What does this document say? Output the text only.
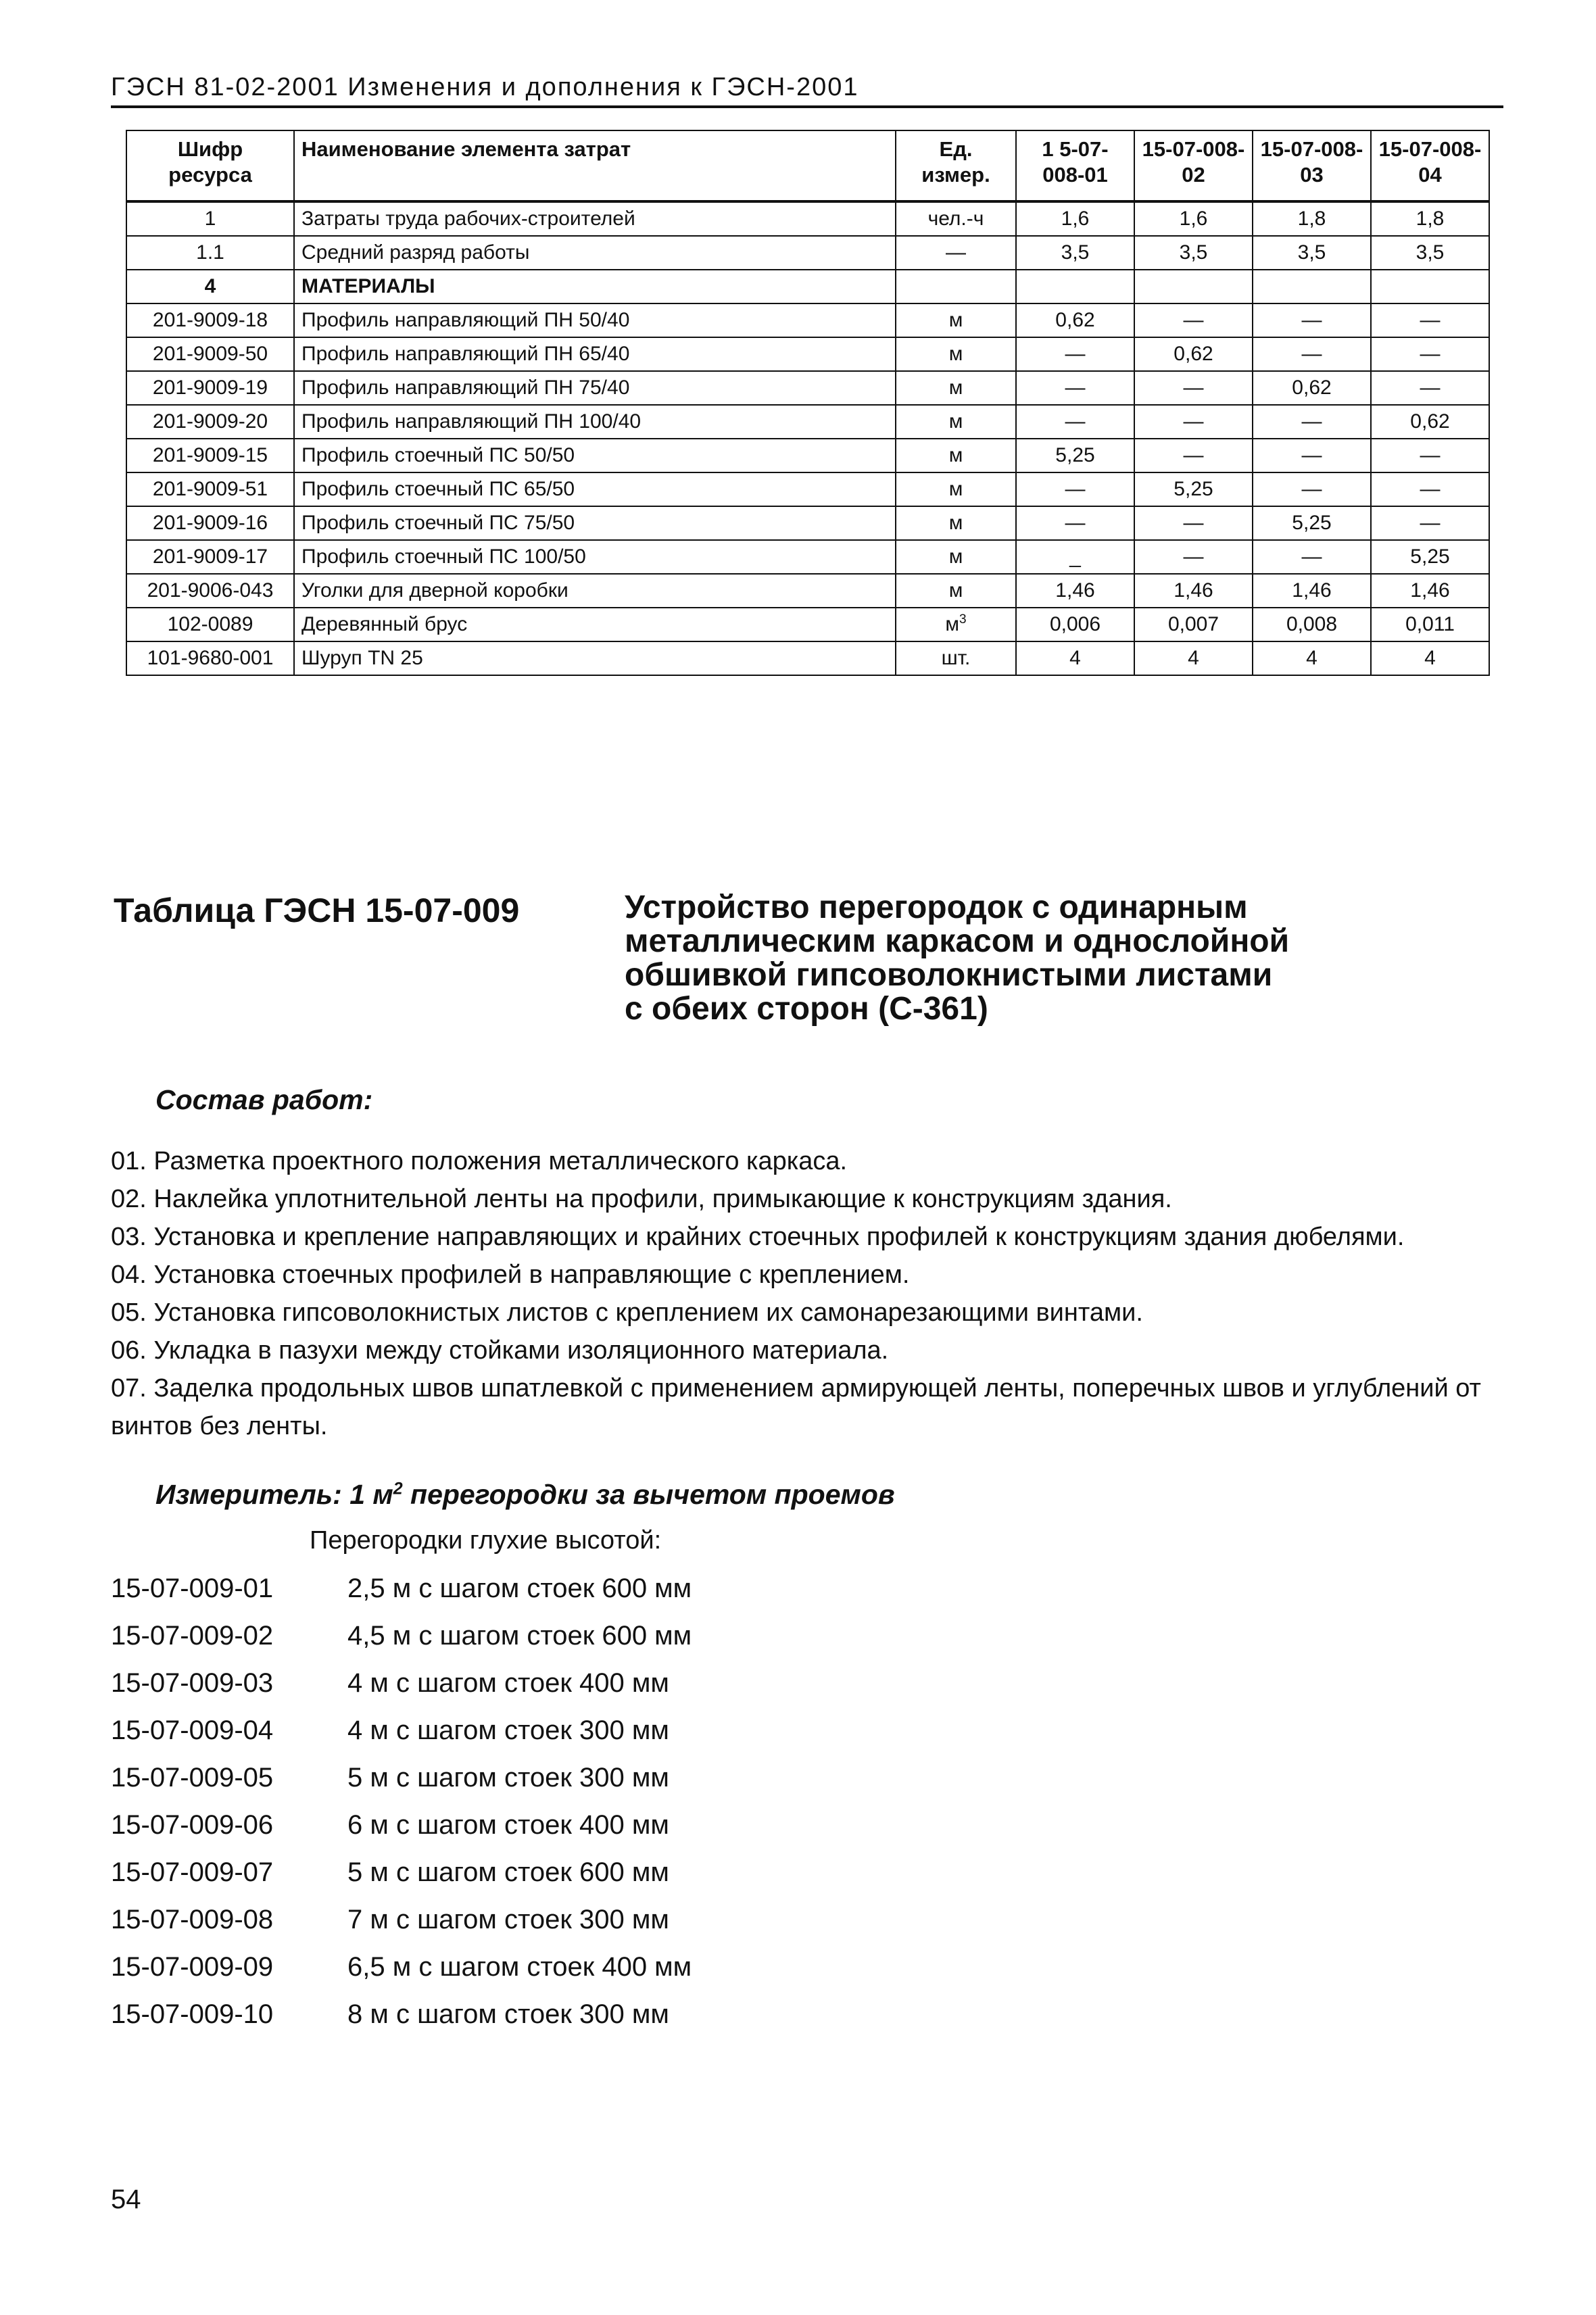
ГЭСН 81-02-2001 Изменения и дополнения к ГЭСН-2001
Шифр ресурса	Наименование элемента затрат	Ед. измер.	1 5-07-008-01	15-07-008-02	15-07-008-03	15-07-008-04
1	Затраты труда рабочих-строителей	чел.-ч	1,6	1,6	1,8	1,8
1.1	Средний разряд работы	—	3,5	3,5	3,5	3,5
4	МАТЕРИАЛЫ					
201-9009-18	Профиль направляющий ПН 50/40	м	0,62	—	—	—
201-9009-50	Профиль направляющий ПН 65/40	м	—	0,62	—	—
201-9009-19	Профиль направляющий ПН 75/40	м	—	—	0,62	—
201-9009-20	Профиль направляющий ПН 100/40	м	—	—	—	0,62
201-9009-15	Профиль стоечный ПС 50/50	м	5,25	—	—	—
201-9009-51	Профиль стоечный ПС 65/50	м	—	5,25	—	—
201-9009-16	Профиль стоечный ПС 75/50	м	—	—	5,25	—
201-9009-17	Профиль стоечный ПС 100/50	м	_	—	—	5,25
201-9006-043	Уголки для дверной коробки	м	1,46	1,46	1,46	1,46
102-0089	Деревянный брус	$м^3$	0,006	0,007	0,008	0,011
101-9680-001	Шуруп TN 25	шт.	4	4	4	4
Таблица ГЭСН 15-07-009	Устройство перегородок с одинарным
металлическим каркасом и однослойной
обшивкой гипсоволокнистыми листами
с обеих сторон (С-361)
Состав работ:
01. Разметка проектного положения металлического каркаса.
02. Наклейка уплотнительной ленты на профили, примыкающие к конструкциям здания.
03. Установка и крепление направляющих и крайних стоечных профилей к конструкциям здания дюбелями.
04. Установка стоечных профилей в направляющие с креплением.
05. Установка гипсоволокнистых листов с креплением их самонарезающими винтами.
06. Укладка в пазухи между стойками изоляционного материала.
07. Заделка продольных швов шпатлевкой с применением армирующей ленты, поперечных швов и углублений от винтов без ленты.
Измеритель: 1 $м^2$ перегородки за вычетом проемов
Перегородки глухие высотой:
15-07-009-01	2,5 м с шагом стоек 600 мм
15-07-009-02	4,5 м с шагом стоек 600 мм
15-07-009-03	4 м с шагом стоек 400 мм
15-07-009-04	4 м с шагом стоек 300 мм
15-07-009-05	5 м с шагом стоек 300 мм
15-07-009-06	6 м с шагом стоек 400 мм
15-07-009-07	5 м с шагом стоек 600 мм
15-07-009-08	7 м с шагом стоек 300 мм
15-07-009-09	6,5 м с шагом стоек 400 мм
15-07-009-10	8 м с шагом стоек 300 мм
54
